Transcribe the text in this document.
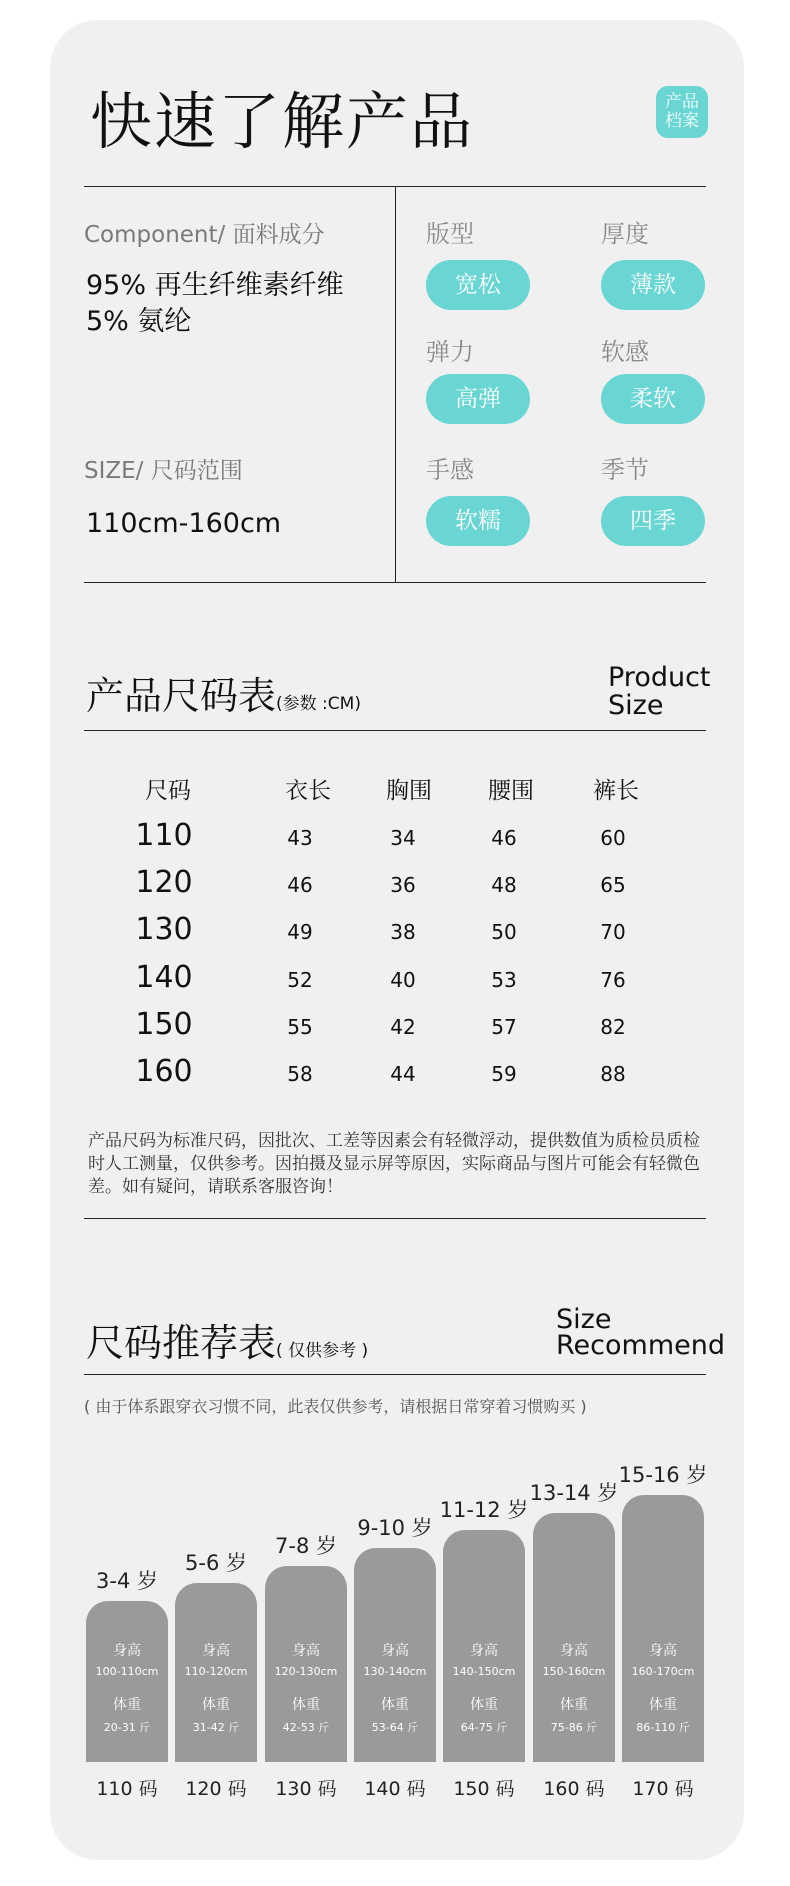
快速了解产品	产品
档案
Component/ 面料成分
95% 再生纤维素纤维
5% 氨纶
SIZE/ 尺码范围
110cm-160cm
版型
宽松
厚度
薄款
弹力
高弹
软感
柔软
手感
软糯
季节
四季
产品尺码表(参数 :CM)
Product
Size
尺码	衣长	胸围	腰围	裤长
110	43	34	46	60
120	46	36	48	65
130	49	38	50	70
140	52	40	53	76
150	55	42	57	82
160	58	44	59	88
产品尺码为标准尺码，因批次、工差等因素会有轻微浮动，提供数值为质检员质检时人工测量，仅供参考。因拍摄及显示屏等原因，实际商品与图片可能会有轻微色差。如有疑问，请联系客服咨询！
尺码推荐表( 仅供参考 )
Size
Recommend
( 由于体系跟穿衣习惯不同，此表仅供参考，请根据日常穿着习惯购买 )
3-4 岁
身高
100-110cm
体重
20-31 斤
110 码
5-6 岁
身高
110-120cm
体重
31-42 斤
120 码
7-8 岁
身高
120-130cm
体重
42-53 斤
130 码
9-10 岁
身高
130-140cm
体重
53-64 斤
140 码
11-12 岁
身高
140-150cm
体重
64-75 斤
150 码
13-14 岁
身高
150-160cm
体重
75-86 斤
160 码
15-16 岁
身高
160-170cm
体重
86-110 斤
170 码
